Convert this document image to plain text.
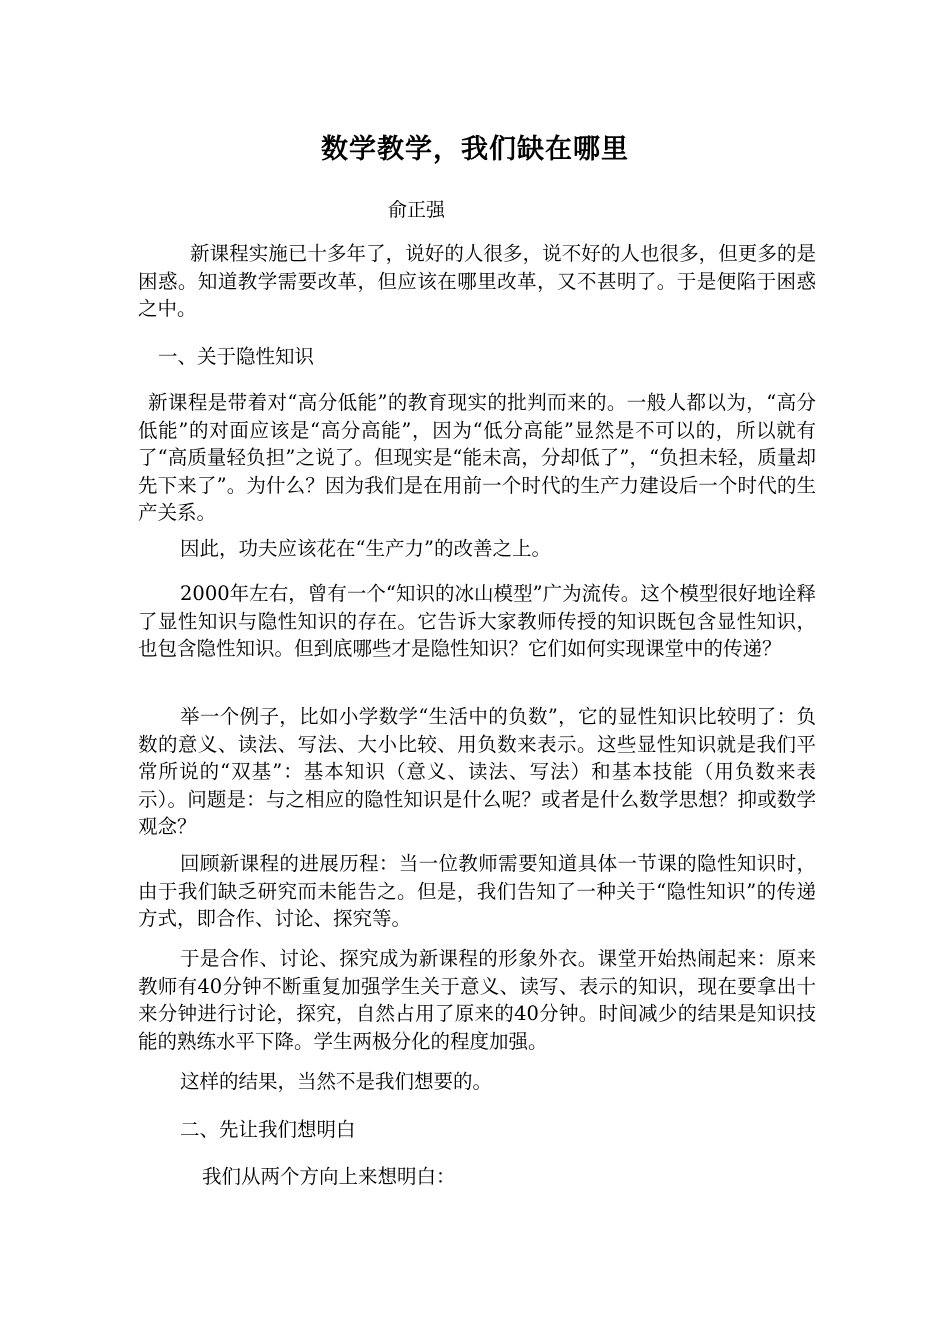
数学教学，我们缺在哪里
俞正强

新课程实施已十多年了，说好的人很多，说不好的人也很多，但更多的是困惑。知道教学需要改革，但应该在哪里改革，又不甚明了。于是便陷于困惑之中。

一、关于隐性知识

新课程是带着对“高分低能”的教育现实的批判而来的。一般人都以为，“高分低能”的对面应该是“高分高能”，因为“低分高能”显然是不可以的，所以就有了“高质量轻负担”之说了。但现实是“能未高，分却低了”，“负担未轻，质量却先下来了”。为什么？因为我们是在用前一个时代的生产力建设后一个时代的生产关系。

因此，功夫应该花在“生产力”的改善之上。

2000年左右，曾有一个“知识的冰山模型”广为流传。这个模型很好地诠释了显性知识与隐性知识的存在。它告诉大家教师传授的知识既包含显性知识，也包含隐性知识。但到底哪些才是隐性知识？它们如何实现课堂中的传递？

举一个例子，比如小学数学“生活中的负数”，它的显性知识比较明了：负数的意义、读法、写法、大小比较、用负数来表示。这些显性知识就是我们平常所说的“双基”：基本知识（意义、读法、写法）和基本技能（用负数来表示）。问题是：与之相应的隐性知识是什么呢？或者是什么数学思想？抑或数学观念？

回顾新课程的进展历程：当一位教师需要知道具体一节课的隐性知识时，由于我们缺乏研究而未能告之。但是，我们告知了一种关于“隐性知识”的传递方式，即合作、讨论、探究等。

于是合作、讨论、探究成为新课程的形象外衣。课堂开始热闹起来：原来教师有40分钟不断重复加强学生关于意义、读写、表示的知识，现在要拿出十来分钟进行讨论，探究，自然占用了原来的40分钟。时间减少的结果是知识技能的熟练水平下降。学生两极分化的程度加强。

这样的结果，当然不是我们想要的。

二、先让我们想明白

我们从两个方向上来想明白：
